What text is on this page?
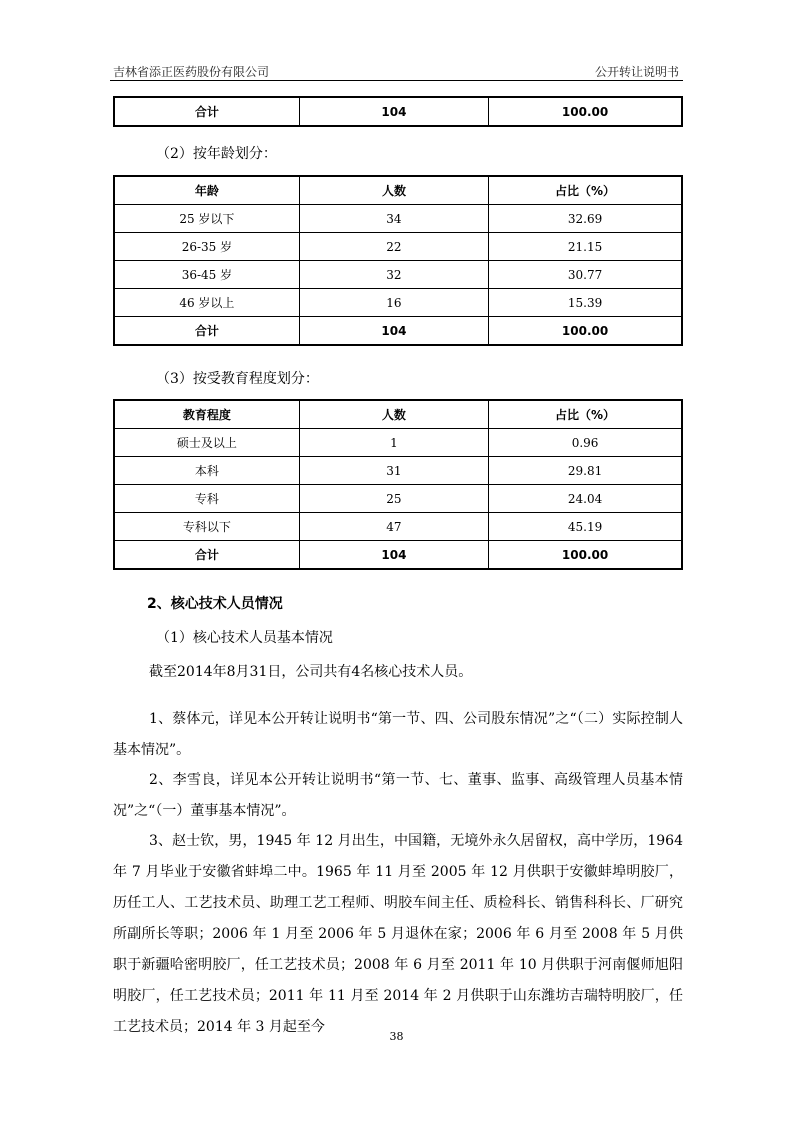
吉林省添正医药股份有限公司	公开转让说明书
合计	104	100.00
（2）按年龄划分：
年龄	人数	占比（%）
25 岁以下	34	32.69
26-35 岁	22	21.15
36-45 岁	32	30.77
46 岁以上	16	15.39
合计	104	100.00
（3）按受教育程度划分：
教育程度	人数	占比（%）
硕士及以上	1	0.96
本科	31	29.81
专科	25	24.04
专科以下	47	45.19
合计	104	100.00
2、核心技术人员情况
（1）核心技术人员基本情况

截至2014年8月31日，公司共有4名核心技术人员。

1、蔡体元，详见本公开转让说明书“第一节、四、公司股东情况”之“（二）实际控制人基本情况”。

2、李雪良，详见本公开转让说明书“第一节、七、董事、监事、高级管理人员基本情况”之“（一）董事基本情况”。

3、赵士钦，男，1945 年 12 月出生，中国籍，无境外永久居留权，高中学历，1964 年 7 月毕业于安徽省蚌埠二中。1965 年 11 月至 2005 年 12 月供职于安徽蚌埠明胶厂，历任工人、工艺技术员、助理工艺工程师、明胶车间主任、质检科长、销售科科长、厂研究所副所长等职；2006 年 1 月至 2006 年 5 月退休在家；2006 年 6 月至 2008 年 5 月供职于新疆哈密明胶厂，任工艺技术员；2008 年 6 月至 2011 年 10 月供职于河南偃师旭阳明胶厂，任工艺技术员；2011 年 11 月至 2014 年 2 月供职于山东潍坊吉瑞特明胶厂，任工艺技术员；2014 年 3 月起至今

38
